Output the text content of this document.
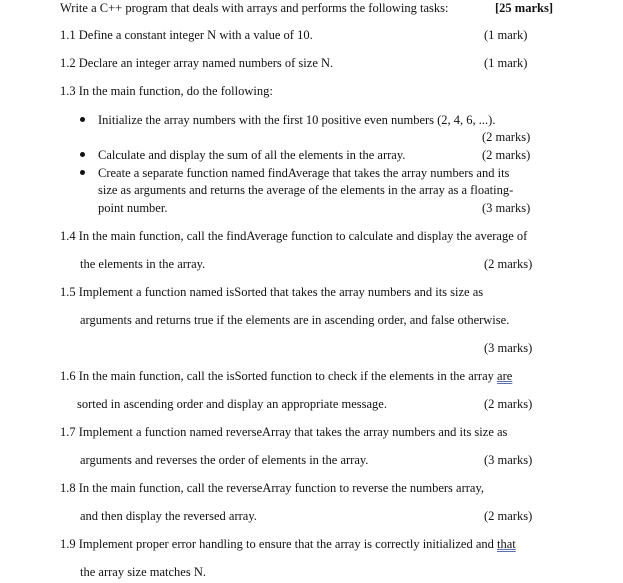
Write a C++ program that deals with arrays and performs the following tasks:	[25 marks]
1.1 Define a constant integer N with a value of 10.	(1 mark)
1.2 Declare an integer array named numbers of size N.	(1 mark)
1.3 In the main function, do the following:
Initialize the array numbers with the first 10 positive even numbers (2, 4, 6, ...).
(2 marks)
Calculate and display the sum of all the elements in the array.	(2 marks)
Create a separate function named findAverage that takes the array numbers and its
size as arguments and returns the average of the elements in the array as a floating-
point number.	(3 marks)
1.4 In the main function, call the findAverage function to calculate and display the average of
the elements in the array.	(2 marks)
1.5 Implement a function named isSorted that takes the array numbers and its size as
arguments and returns true if the elements are in ascending order, and false otherwise.
(3 marks)
1.6 In the main function, call the isSorted function to check if the elements in the array are
sorted in ascending order and display an appropriate message.	(2 marks)
1.7 Implement a function named reverseArray that takes the array numbers and its size as
arguments and reverses the order of elements in the array.	(3 marks)
1.8 In the main function, call the reverseArray function to reverse the numbers array,
and then display the reversed array.	(2 marks)
1.9 Implement proper error handling to ensure that the array is correctly initialized and that
the array size matches N.
